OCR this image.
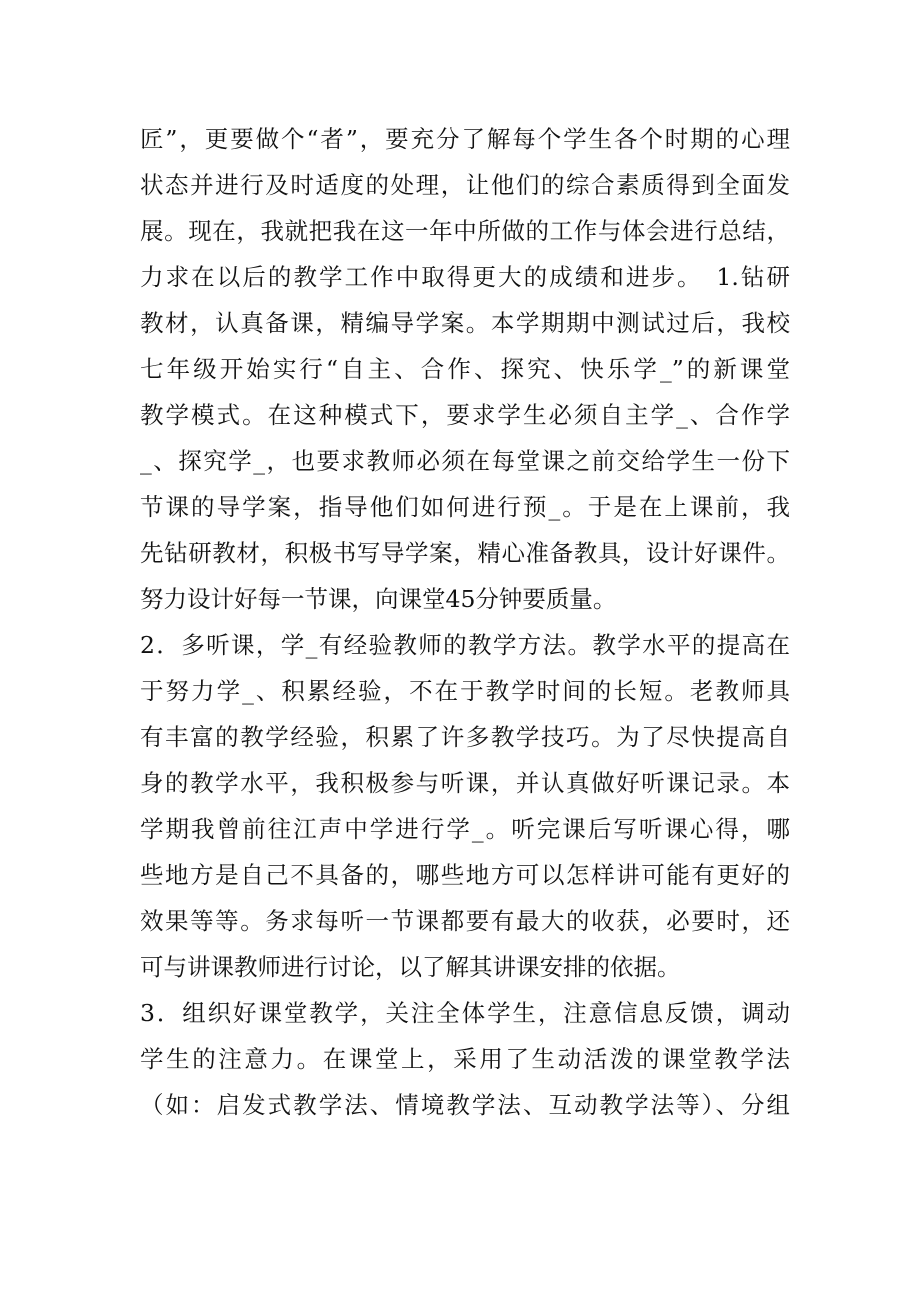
匠”，更要做个“者”，要充分了解每个学生各个时期的心理
状态并进行及时适度的处理，让他们的综合素质得到全面发
展。现在，我就把我在这一年中所做的工作与体会进行总结，
力求在以后的教学工作中取得更大的成绩和进步。　1.钻研
教材，认真备课，精编导学案。本学期期中测试过后，我校
七年级开始实行“自主、合作、探究、快乐学_”的新课堂
教学模式。在这种模式下，要求学生必须自主学_、合作学
_、探究学_，也要求教师必须在每堂课之前交给学生一份下
节课的导学案，指导他们如何进行预_。于是在上课前，我
先钻研教材，积极书写导学案，精心准备教具，设计好课件。
努力设计好每一节课，向课堂45分钟要质量。
2．多听课，学_有经验教师的教学方法。教学水平的提高在
于努力学_、积累经验，不在于教学时间的长短。老教师具
有丰富的教学经验，积累了许多教学技巧。为了尽快提高自
身的教学水平，我积极参与听课，并认真做好听课记录。本
学期我曾前往江声中学进行学_。听完课后写听课心得，哪
些地方是自己不具备的，哪些地方可以怎样讲可能有更好的
效果等等。务求每听一节课都要有最大的收获，必要时，还
可与讲课教师进行讨论，以了解其讲课安排的依据。
3．组织好课堂教学，关注全体学生，注意信息反馈，调动
学生的注意力。在课堂上，采用了生动活泼的课堂教学法
（如：启发式教学法、情境教学法、互动教学法等）、分组
